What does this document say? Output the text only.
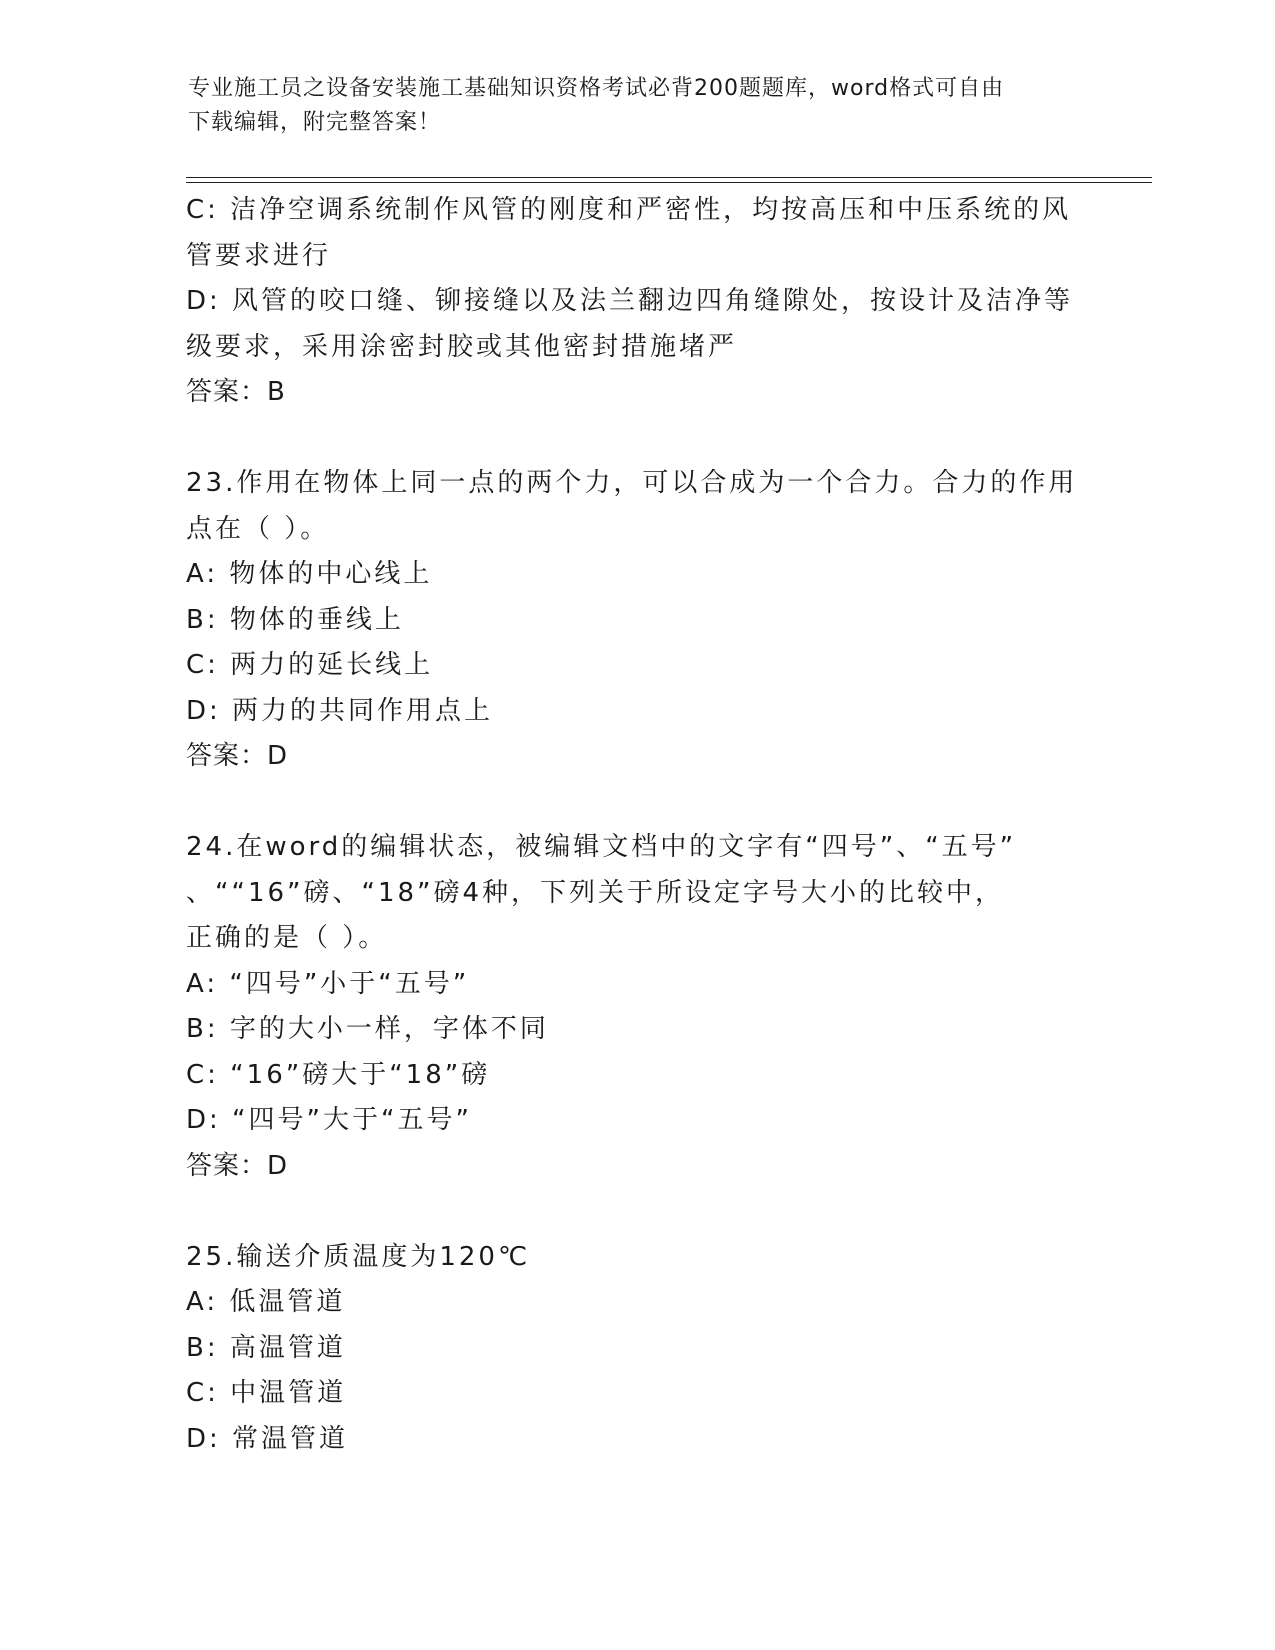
专业施工员之设备安装施工基础知识资格考试必背200题题库，word格式可自由
下载编辑，附完整答案！
C: 洁净空调系统制作风管的刚度和严密性，均按高压和中压系统的风
管要求进行
D: 风管的咬口缝、铆接缝以及法兰翻边四角缝隙处，按设计及洁净等
级要求，采用涂密封胶或其他密封措施堵严
答案：B
23.作用在物体上同一点的两个力，可以合成为一个合力。合力的作用
点在（ ）。
A: 物体的中心线上
B: 物体的垂线上
C: 两力的延长线上
D: 两力的共同作用点上
答案：D
24.在word的编辑状态，被编辑文档中的文字有“四号”、“五号”
、““16”磅、“18”磅4种，下列关于所设定字号大小的比较中，
正确的是（ ）。
A: “四号”小于“五号”
B: 字的大小一样，字体不同
C: “16”磅大于“18”磅
D: “四号”大于“五号”
答案：D
25.输送介质温度为120℃
A: 低温管道
B: 高温管道
C: 中温管道
D: 常温管道
